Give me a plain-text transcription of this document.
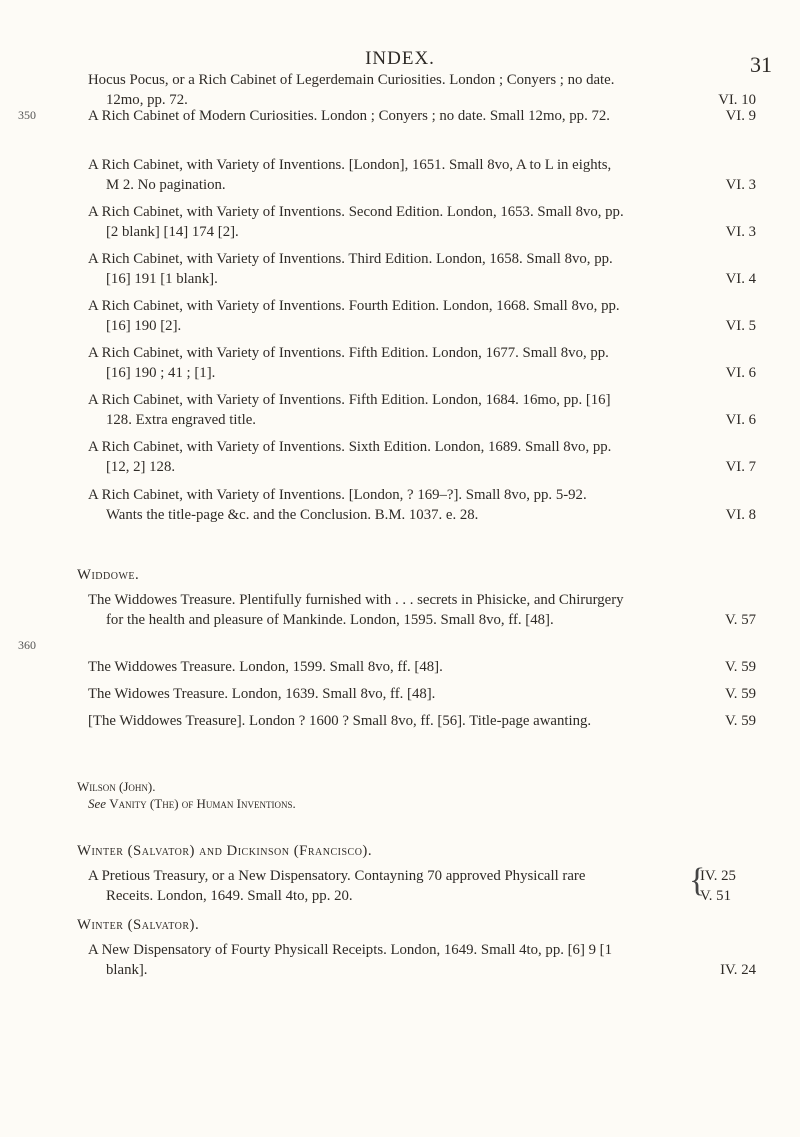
INDEX.	31
350
360
Hocus Pocus, or a Rich Cabinet of Legerdemain Curiosities. London ; Conyers ; no date. 12mo, pp. 72.	VI. 10
A Rich Cabinet of Modern Curiosities. London ; Conyers ; no date. Small 12mo, pp. 72.	VI. 9
A Rich Cabinet, with Variety of Inventions. [London], 1651. Small 8vo, A to L in eights, M 2. No pagination.	VI. 3
A Rich Cabinet, with Variety of Inventions. Second Edition. London, 1653. Small 8vo, pp. [2 blank] [14] 174 [2].	VI. 3
A Rich Cabinet, with Variety of Inventions. Third Edition. London, 1658. Small 8vo, pp. [16] 191 [1 blank].	VI. 4
A Rich Cabinet, with Variety of Inventions. Fourth Edition. London, 1668. Small 8vo, pp. [16] 190 [2].	VI. 5
A Rich Cabinet, with Variety of Inventions. Fifth Edition. London, 1677. Small 8vo, pp. [16] 190 ; 41 ; [1].	VI. 6
A Rich Cabinet, with Variety of Inventions. Fifth Edition. London, 1684. 16mo, pp. [16] 128. Extra engraved title.	VI. 6
A Rich Cabinet, with Variety of Inventions. Sixth Edition. London, 1689. Small 8vo, pp. [12, 2] 128.	VI. 7
A Rich Cabinet, with Variety of Inventions. [London, ? 169–?]. Small 8vo, pp. 5-92. Wants the title-page &c. and the Conclusion. B.M. 1037. e. 28.	VI. 8
Widdowe.
The Widdowes Treasure. Plentifully furnished with . . . secrets in Phisicke, and Chirurgery for the health and pleasure of Mankinde. London, 1595. Small 8vo, ff. [48].	V. 57
The Widdowes Treasure. London, 1599. Small 8vo, ff. [48].	V. 59
The Widowes Treasure. London, 1639. Small 8vo, ff. [48].	V. 59
[The Widdowes Treasure]. London ? 1600 ? Small 8vo, ff. [56]. Title-page awanting.	V. 59
Wilson (John).
See Vanity (The) of Human Inventions.
Winter (Salvator) and Dickinson (Francisco).
A Pretious Treasury, or a New Dispensatory. Contayning 70 approved Physicall rare Receits. London, 1649. Small 4to, pp. 20.	{
IV. 25
V. 51
Winter (Salvator).
A New Dispensatory of Fourty Physicall Receipts. London, 1649. Small 4to, pp. [6] 9 [1 blank].	IV. 24
